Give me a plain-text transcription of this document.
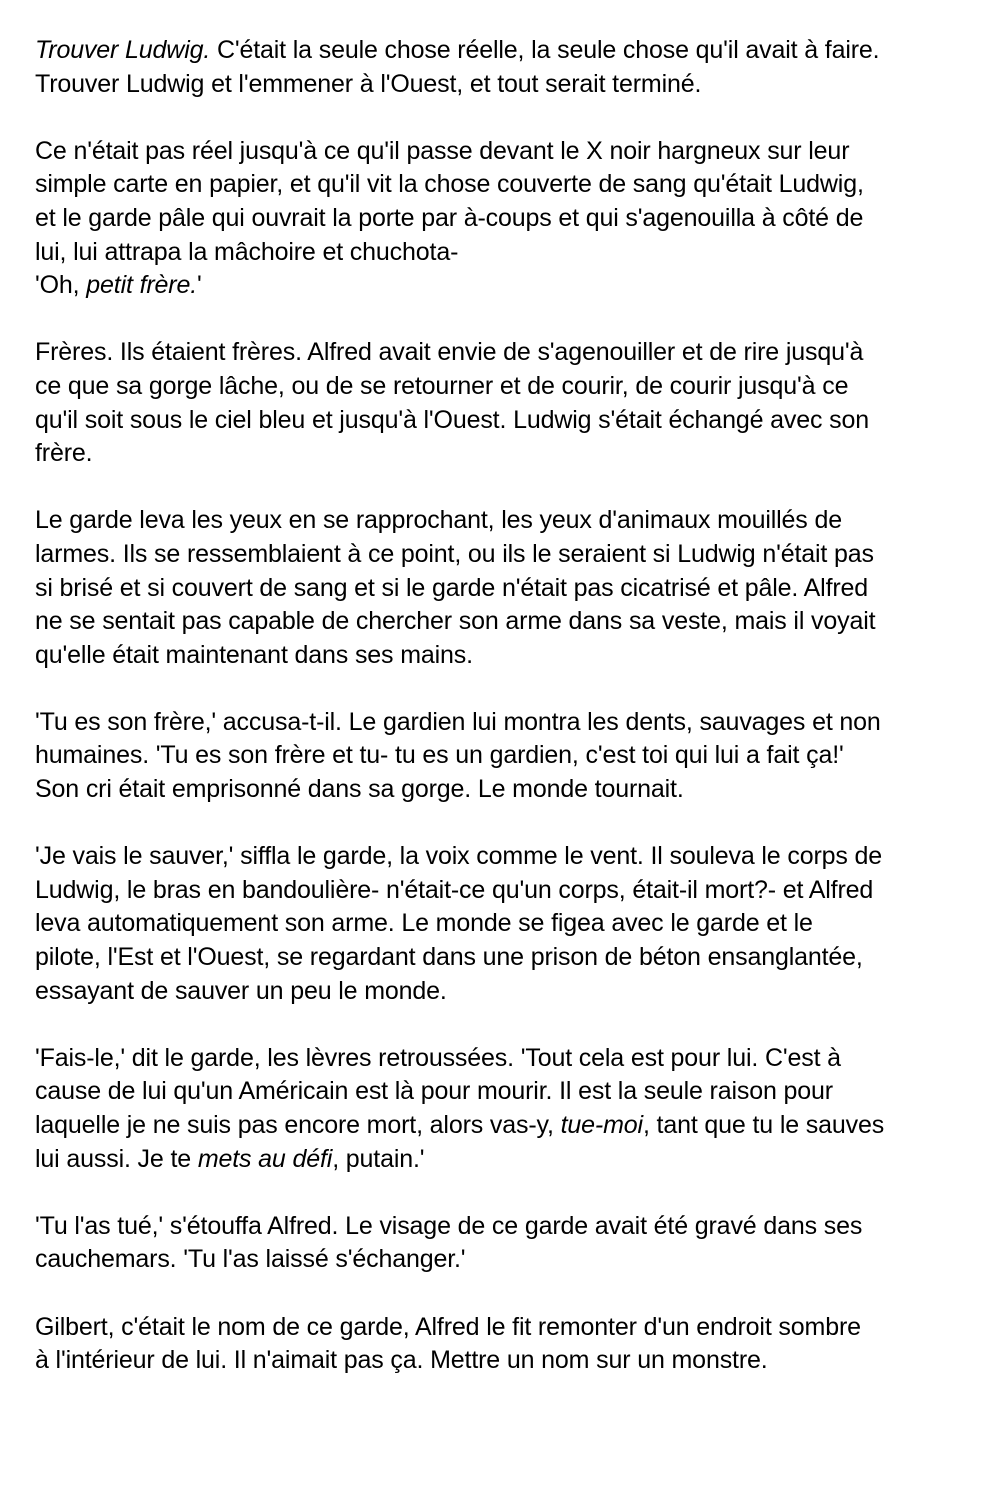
Trouver Ludwig. C'était la seule chose réelle, la seule chose qu'il avait à faire.
Trouver Ludwig et l'emmener à l'Ouest, et tout serait terminé.

Ce n'était pas réel jusqu'à ce qu'il passe devant le X noir hargneux sur leur
simple carte en papier, et qu'il vit la chose couverte de sang qu'était Ludwig,
et le garde pâle qui ouvrait la porte par à-coups et qui s'agenouilla à côté de
lui, lui attrapa la mâchoire et chuchota-
'Oh, petit frère.'

Frères. Ils étaient frères. Alfred avait envie de s'agenouiller et de rire jusqu'à
ce que sa gorge lâche, ou de se retourner et de courir, de courir jusqu'à ce
qu'il soit sous le ciel bleu et jusqu'à l'Ouest. Ludwig s'était échangé avec son
frère.

Le garde leva les yeux en se rapprochant, les yeux d'animaux mouillés de
larmes. Ils se ressemblaient à ce point, ou ils le seraient si Ludwig n'était pas
si brisé et si couvert de sang et si le garde n'était pas cicatrisé et pâle. Alfred
ne se sentait pas capable de chercher son arme dans sa veste, mais il voyait
qu'elle était maintenant dans ses mains.

'Tu es son frère,' accusa-t-il. Le gardien lui montra les dents, sauvages et non
humaines. 'Tu es son frère et tu- tu es un gardien, c'est toi qui lui a fait ça!'
Son cri était emprisonné dans sa gorge. Le monde tournait.

'Je vais le sauver,' siffla le garde, la voix comme le vent. Il souleva le corps de
Ludwig, le bras en bandoulière- n'était-ce qu'un corps, était-il mort?- et Alfred
leva automatiquement son arme. Le monde se figea avec le garde et le
pilote, l'Est et l'Ouest, se regardant dans une prison de béton ensanglantée,
essayant de sauver un peu le monde.

'Fais-le,' dit le garde, les lèvres retroussées. 'Tout cela est pour lui. C'est à
cause de lui qu'un Américain est là pour mourir. Il est la seule raison pour
laquelle je ne suis pas encore mort, alors vas-y, tue-moi, tant que tu le sauves
lui aussi. Je te mets au défi, putain.'

'Tu l'as tué,' s'étouffa Alfred. Le visage de ce garde avait été gravé dans ses
cauchemars. 'Tu l'as laissé s'échanger.'

Gilbert, c'était le nom de ce garde, Alfred le fit remonter d'un endroit sombre
à l'intérieur de lui. Il n'aimait pas ça. Mettre un nom sur un monstre.
